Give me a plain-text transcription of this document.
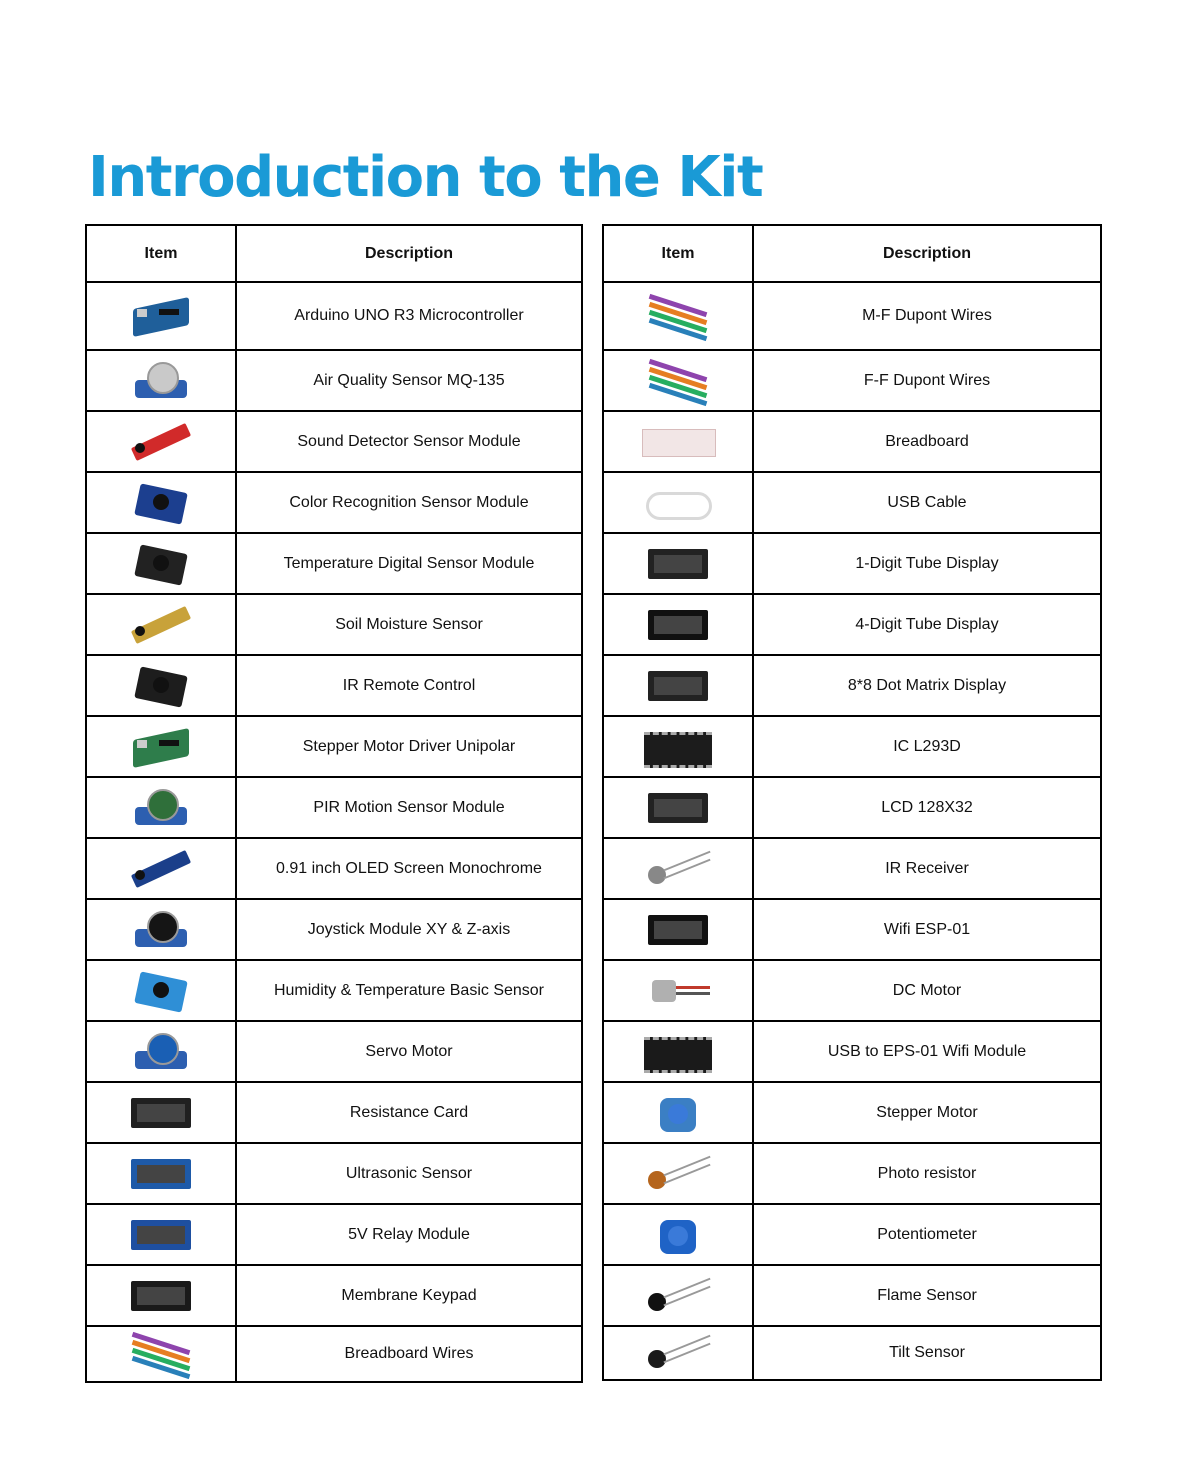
Introduction to the Kit
Item	Description

	Arduino UNO R3 Microcontroller

	Air Quality Sensor MQ-135

	Sound Detector Sensor Module

	Color Recognition Sensor Module

	Temperature Digital Sensor Module

	Soil Moisture Sensor

	IR Remote Control

	Stepper Motor Driver Unipolar

	PIR Motion Sensor Module

	0.91 inch OLED Screen Monochrome

	Joystick Module XY & Z-axis

	Humidity & Temperature Basic Sensor

	Servo Motor

	Resistance Card

	Ultrasonic Sensor

	5V Relay Module

	Membrane Keypad

	Breadboard Wires
Item	Description

	M-F Dupont Wires

	F-F Dupont Wires

	Breadboard

	USB Cable

	1-Digit Tube Display

	4-Digit Tube Display

	8*8 Dot Matrix Display

	IC L293D

	LCD 128X32

	IR Receiver

	Wifi ESP-01

	DC Motor

	USB to EPS-01 Wifi Module

	Stepper Motor

	Photo resistor

	Potentiometer

	Flame Sensor

	Tilt Sensor
